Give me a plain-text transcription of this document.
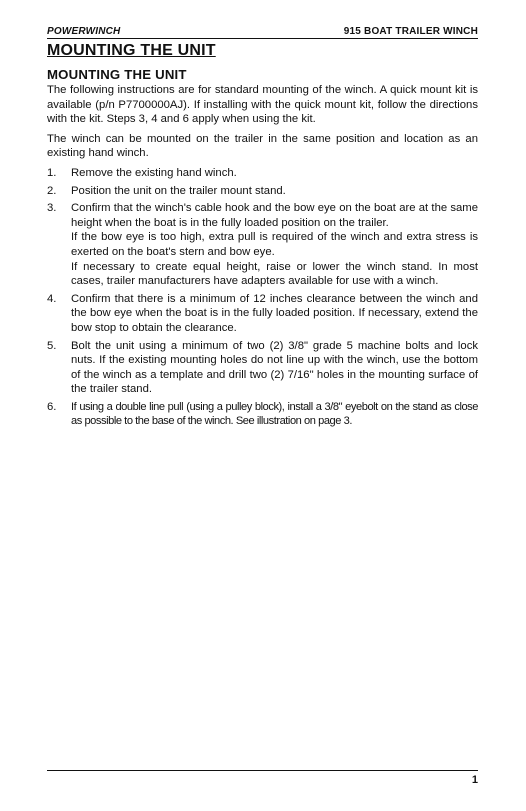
POWERWINCH	915 BOAT TRAILER WINCH
MOUNTING THE UNIT
MOUNTING THE UNIT

The following instructions are for standard mounting of the winch. A quick mount kit is available (p/n P7700000AJ). If installing with the quick mount kit, follow the directions with the kit. Steps 3, 4 and 6 apply when using the kit.

The winch can be mounted on the trailer in the same position and location as an existing hand winch.

1.	Remove the existing hand winch.
2.	Position the unit on the trailer mount stand.
3.	Confirm that the winch's cable hook and the bow eye on the boat are at the same height when the boat is in the fully loaded position on the trailer.
If the bow eye is too high, extra pull is required of the winch and extra stress is exerted on the boat's stern and bow eye.
If necessary to create equal height, raise or lower the winch stand. In most cases, trailer manufacturers have adapters available for use with a winch.
4.	Confirm that there is a minimum of 12 inches clearance between the winch and the bow eye when the boat is in the fully loaded position. If necessary, extend the bow stop to obtain the clearance.
5.	Bolt the unit using a minimum of two (2) 3/8" grade 5 machine bolts and lock nuts. If the existing mounting holes do not line up with the winch, use the bottom of the winch as a template and drill two (2) 7/16" holes in the mounting surface of the trailer stand.
6.	If using a double line pull (using a pulley block), install a 3/8" eyebolt on the stand as close as possible to the base of the winch. See illustration on page 3.
1
